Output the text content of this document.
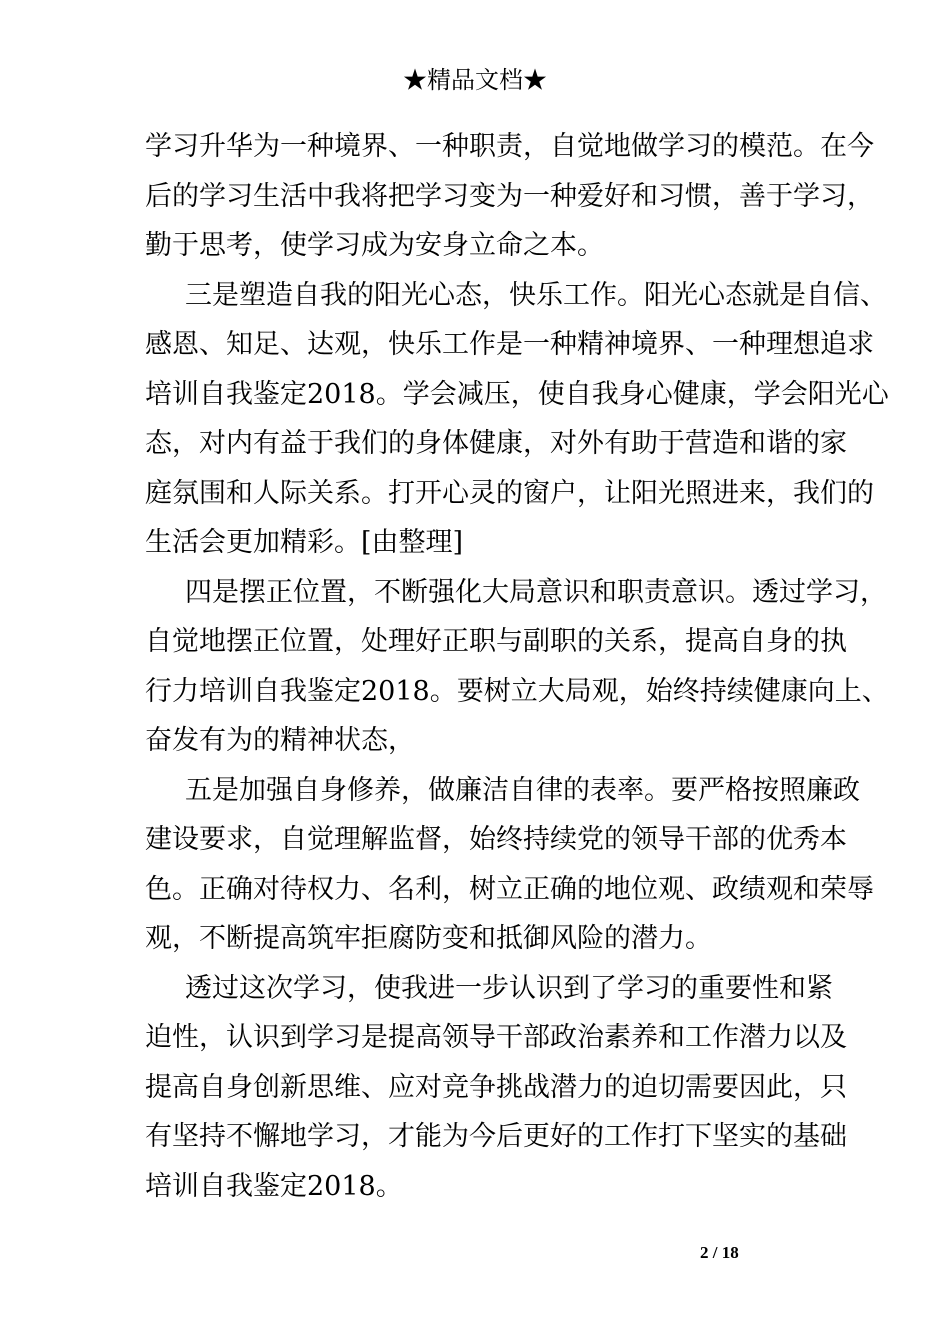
★精品文档★
学习升华为一种境界、一种职责，自觉地做学习的模范。在今
后的学习生活中我将把学习变为一种爱好和习惯，善于学习，
勤于思考，使学习成为安身立命之本。
三是塑造自我的阳光心态，快乐工作。阳光心态就是自信、
感恩、知足、达观，快乐工作是一种精神境界、一种理想追求
培训自我鉴定2018。学会减压，使自我身心健康，学会阳光心
态，对内有益于我们的身体健康，对外有助于营造和谐的家
庭氛围和人际关系。打开心灵的窗户，让阳光照进来，我们的
生活会更加精彩。[由整理]
四是摆正位置，不断强化大局意识和职责意识。透过学习，
自觉地摆正位置，处理好正职与副职的关系，提高自身的执
行力培训自我鉴定2018。要树立大局观，始终持续健康向上、
奋发有为的精神状态，
五是加强自身修养，做廉洁自律的表率。要严格按照廉政
建设要求，自觉理解监督，始终持续党的领导干部的优秀本
色。正确对待权力、名利，树立正确的地位观、政绩观和荣辱
观，不断提高筑牢拒腐防变和抵御风险的潜力。
透过这次学习，使我进一步认识到了学习的重要性和紧
迫性，认识到学习是提高领导干部政治素养和工作潜力以及
提高自身创新思维、应对竞争挑战潜力的迫切需要因此，只
有坚持不懈地学习，才能为今后更好的工作打下坚实的基础
培训自我鉴定2018。
2 / 18
